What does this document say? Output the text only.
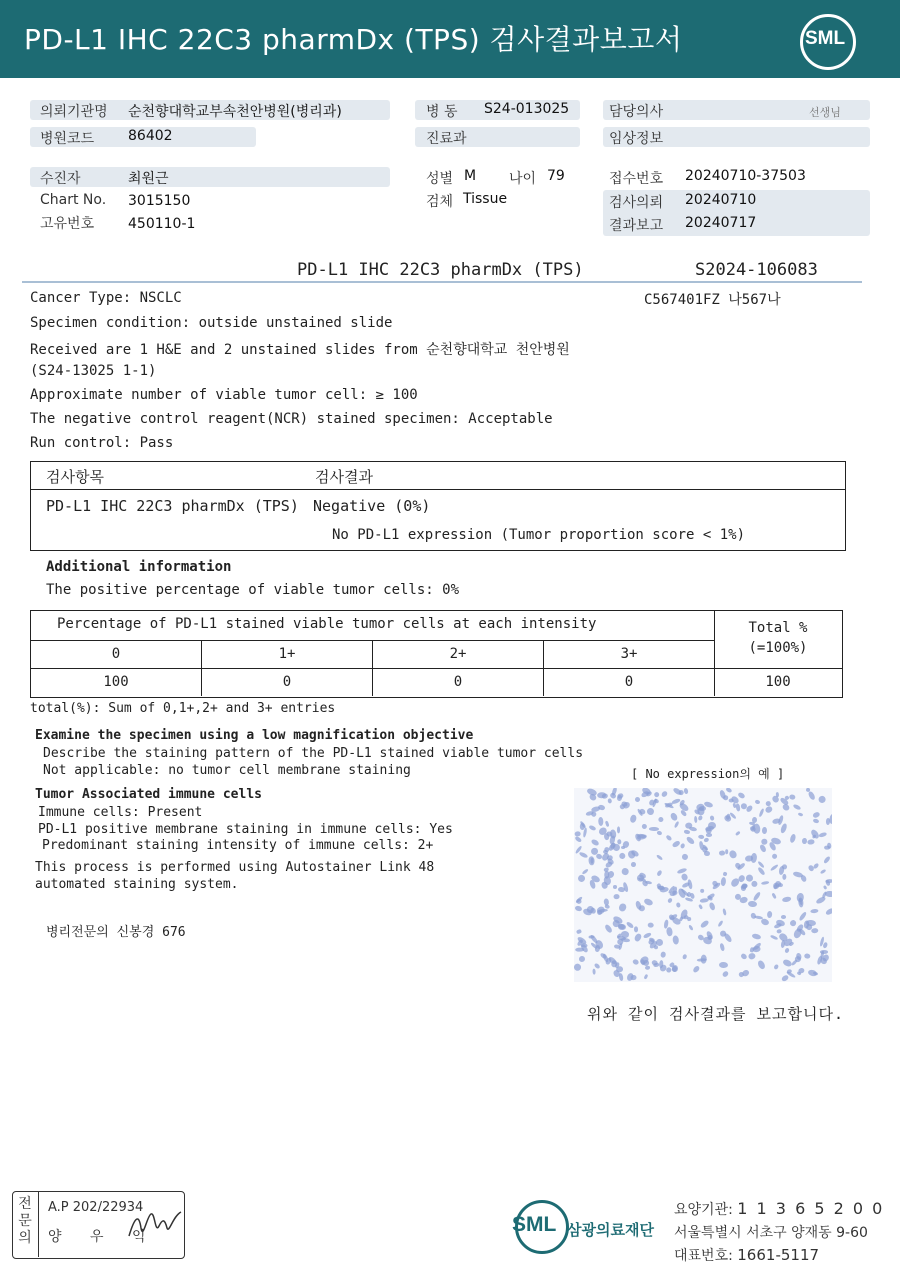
PD-L1 IHC 22C3 pharmDx (TPS) 검사결과보고서	SML
의뢰기관명 순천향대학교부속천안병원(병리과)
병원코드 86402
병 동 S24-013025
진료과
담당의사	선생님
임상정보
수진자	최원근
Chart No. 3015150
고유번호 450110-1
성별 M 나이 79
검체 Tissue
접수번호 20240710-37503
검사의뢰 20240710
결과보고 20240717
PD-L1 IHC 22C3 pharmDx (TPS)	S2024-106083
C567401FZ 나567나
Cancer Type: NSCLC
Specimen condition: outside unstained slide
Received are 1 H&E and 2 unstained slides from 순천향대학교 천안병원
(S24-13025 1-1)
Approximate number of viable tumor cell: ≥ 100
The negative control reagent(NCR) stained specimen: Acceptable
Run control: Pass
검사항목	검사결과
PD-L1 IHC 22C3 pharmDx (TPS) Negative (0%)
No PD-L1 expression (Tumor proportion score < 1%)
Additional information
The positive percentage of viable tumor cells: 0%
Percentage of PD-L1 stained viable tumor cells at each intensity	Total %
(=100%)
0	1+	2+	3+
100	0	0	0	100
total(%): Sum of 0,1+,2+ and 3+ entries
Examine the specimen using a low magnification objective
Describe the staining pattern of the PD-L1 stained viable tumor cells
Not applicable: no tumor cell membrane staining	[ No expression의 예 ]
Tumor Associated immune cells
Immune cells: Present
PD-L1 positive membrane staining in immune cells: Yes
Predominant staining intensity of immune cells: 2+
This process is performed using Autostainer Link 48
automated staining system.
병리전문의 신봉경 676
위와 같이 검사결과를 보고합니다.
전문의
A.P 202/22934
양 우 익
SML 삼광의료재단
요양기관: 1 1 3 6 5 2 0 0
서울특별시 서초구 양재동 9-60
대표번호: 1661-5117
